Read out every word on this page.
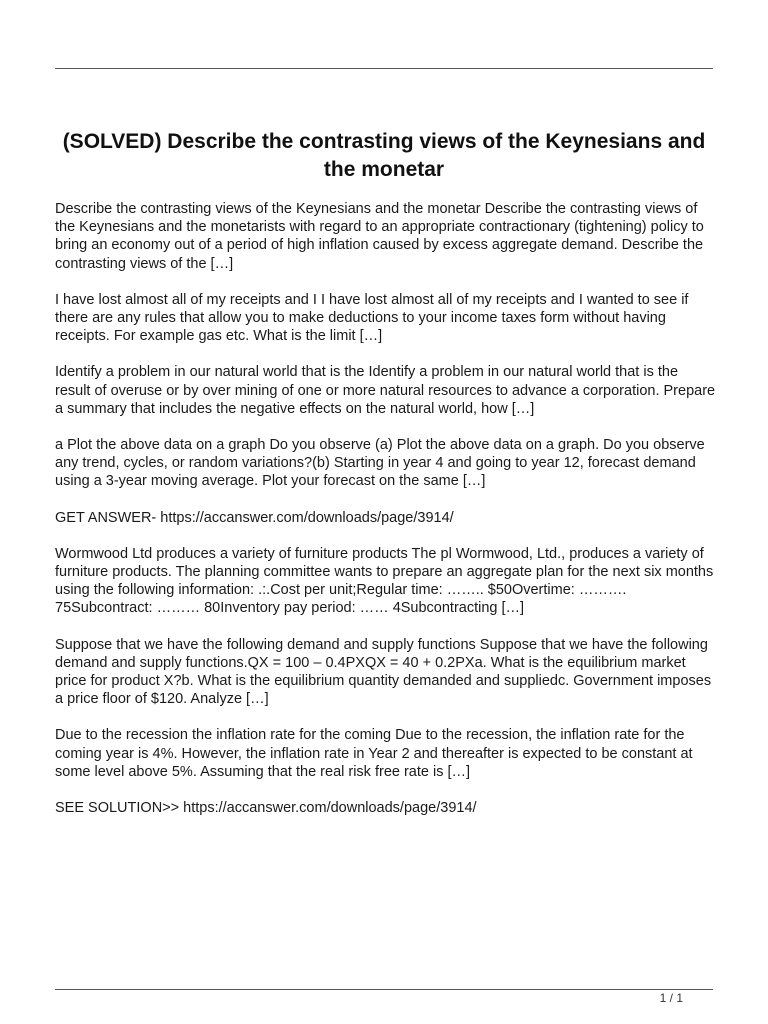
(SOLVED) Describe the contrasting views of the Keynesians and the monetar

Describe the contrasting views of the Keynesians and the monetar Describe the contrasting views of the Keynesians and the monetarists with regard to an appropriate contractionary (tightening) policy to bring an economy out of a period of high inflation caused by excess aggregate demand. Describe the contrasting views of the […]

I have lost almost all of my receipts and I I have lost almost all of my receipts and I wanted to see if there are any rules that allow you to make deductions to your income taxes form without having receipts. For example gas etc. What is the limit […]

Identify a problem in our natural world that is the Identify a problem in our natural world that is the result of overuse or by over mining of one or more natural resources to advance a corporation. Prepare a summary that includes the negative effects on the natural world, how […]

a Plot the above data on a graph Do you observe (a) Plot the above data on a graph. Do you observe any trend, cycles, or random variations?(b) Starting in year 4 and going to year 12, forecast demand using a 3-year moving average. Plot your forecast on the same […]

GET ANSWER- https://accanswer.com/downloads/page/3914/

Wormwood Ltd produces a variety of furniture products The pl Wormwood, Ltd., produces a variety of furniture products. The planning committee wants to prepare an aggregate plan for the next six months using the following information: .:.Cost per unit;Regular time: …….. $50Overtime: ………. 75Subcontract: ……… 80Inventory pay period: …… 4Subcontracting […]

Suppose that we have the following demand and supply functions Suppose that we have the following demand and supply functions.QX = 100 – 0.4PXQX = 40 + 0.2PXa. What is the equilibrium market price for product X?b. What is the equilibrium quantity demanded and suppliedc. Government imposes a price floor of $120. Analyze […]

Due to the recession the inflation rate for the coming Due to the recession, the inflation rate for the coming year is 4%. However, the inflation rate in Year 2 and thereafter is expected to be constant at some level above 5%. Assuming that the real risk free rate is […]

SEE SOLUTION>> https://accanswer.com/downloads/page/3914/

1 / 1
